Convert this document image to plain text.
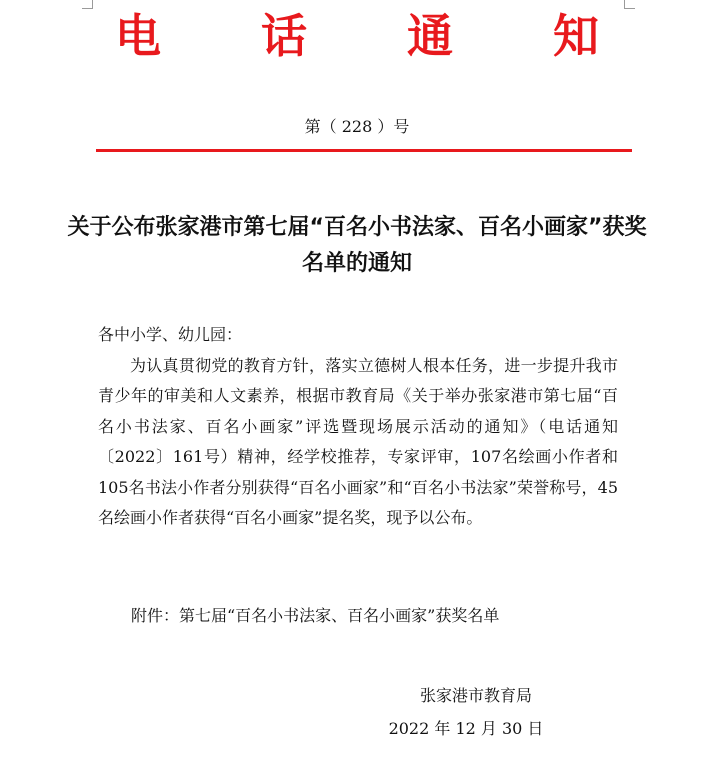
电 话 通 知
第（ 228 ）号
关于公布张家港市第七届“百名小书法家、百名小画家”获奖名单的通知

各中小学、幼儿园：

为认真贯彻党的教育方针，落实立德树人根本任务，进一步提升我市青少年的审美和人文素养，根据市教育局《关于举办张家港市第七届“百名小书法家、百名小画家”评选暨现场展示活动的通知》（电话通知〔2022〕161号）精神，经学校推荐，专家评审，107名绘画小作者和105名书法小作者分别获得“百名小画家”和“百名小书法家”荣誉称号，45名绘画小作者获得“百名小画家”提名奖，现予以公布。

附件：第七届“百名小书法家、百名小画家”获奖名单
张家港市教育局
2022 年 12 月 30 日
